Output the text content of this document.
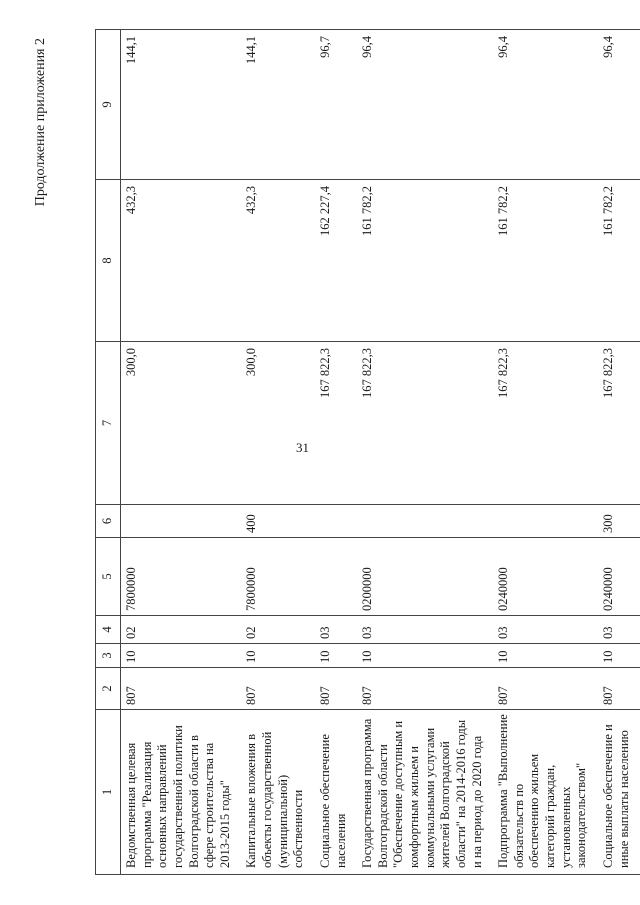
31
Продолжение приложения 2
1	2	3	4	5	6	7	8	9
Ведомственная целевая программа "Реализация основных направлений государственной политики Волгоградской области в сфере строительства на 2013-2015 годы"	807	10	02	7800000		300,0	432,3	144,1
Капитальные вложения в объекты государственной (муниципальной) собственности	807	10	02	7800000	400	300,0	432,3	144,1
Социальное обеспечение населения	807	10	03			167 822,3	162 227,4	96,7
Государственная программа Волгоградской области "Обеспечение доступным и комфортным жильем и коммунальными услугами жителей Волгоградской области" на 2014-2016 годы и на период до 2020 года	807	10	03	0200000		167 822,3	161 782,2	96,4
Подпрограмма "Выполнение обязательств по обеспечению жильем категорий граждан, установленных законодательством"	807	10	03	0240000		167 822,3	161 782,2	96,4
Социальное обеспечение и иные выплаты населению	807	10	03	0240000	300	167 822,3	161 782,2	96,4
